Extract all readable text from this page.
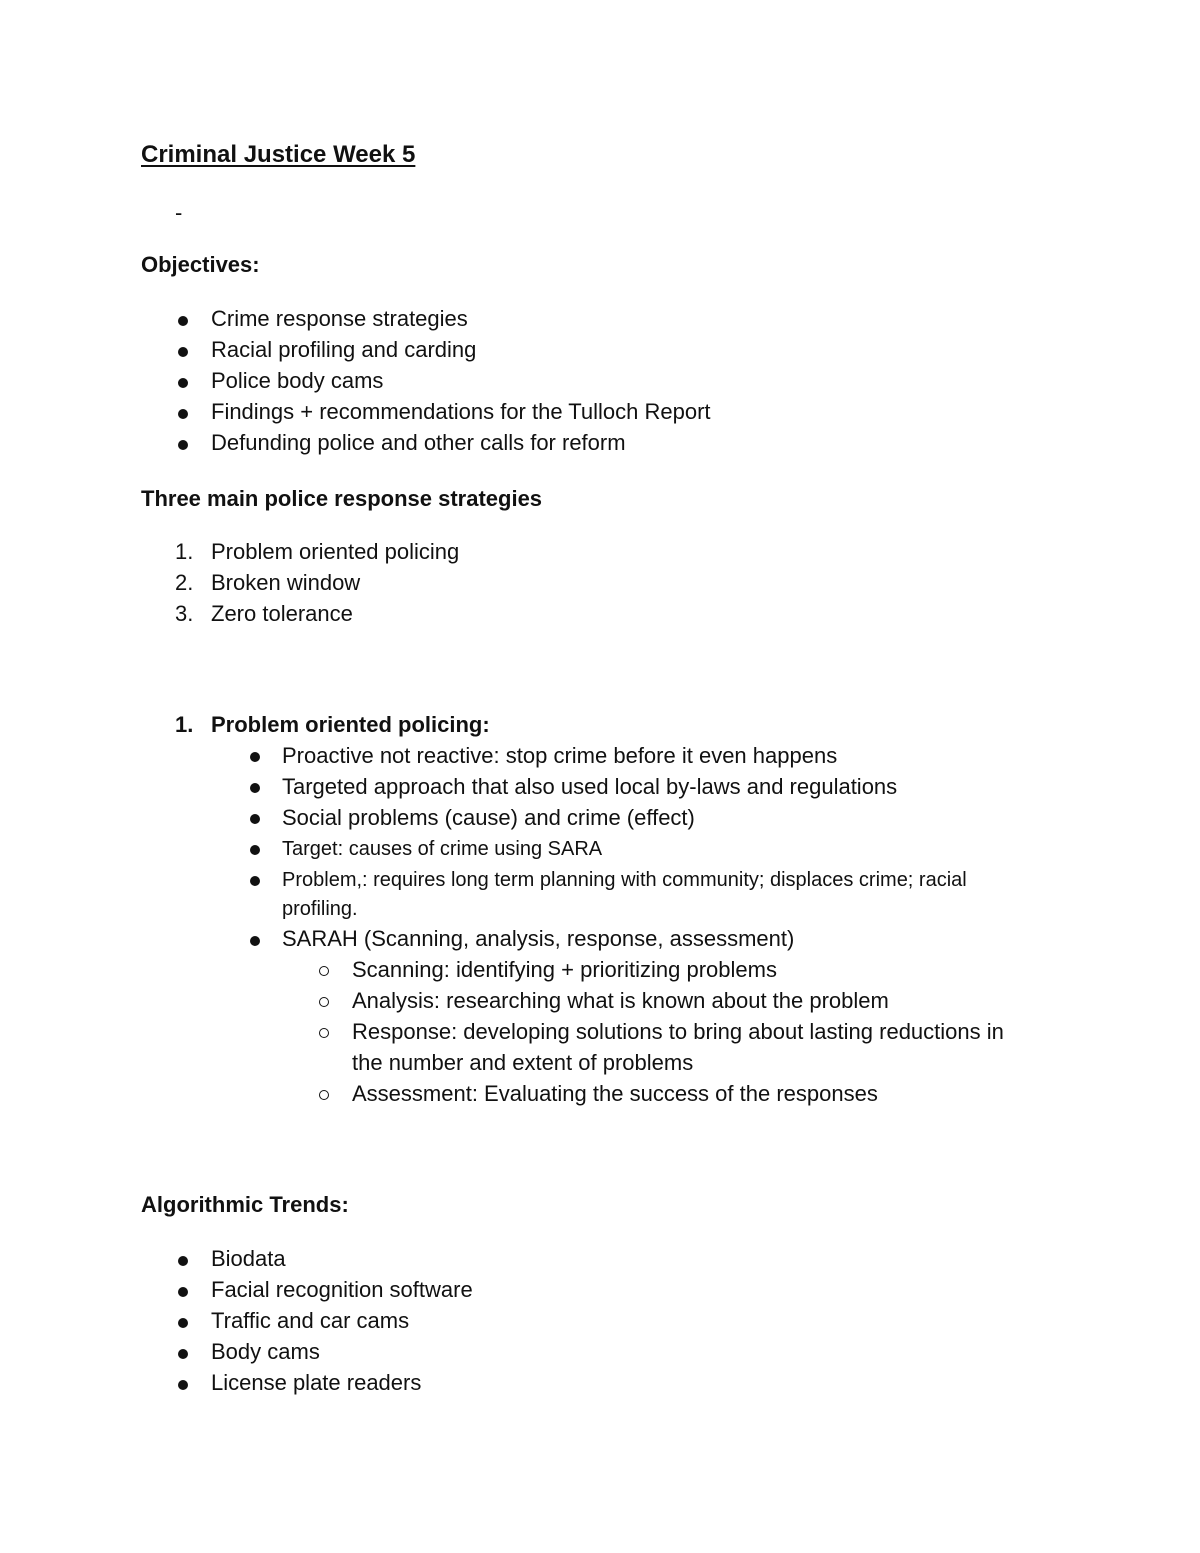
Criminal Justice Week 5
-
Objectives:
Crime response strategies
Racial profiling and carding
Police body cams
Findings + recommendations for the Tulloch Report
Defunding police and other calls for reform
Three main police response strategies
1. Problem oriented policing
2. Broken window
3. Zero tolerance
1. Problem oriented policing:
Proactive not reactive: stop crime before it even happens
Targeted approach that also used local by-laws and regulations
Social problems (cause) and crime (effect)
Target: causes of crime using SARA
Problem,: requires long term planning with community; displaces crime; racial
profiling.
SARAH (Scanning, analysis, response, assessment)
Scanning: identifying + prioritizing problems
Analysis: researching what is known about the problem
Response: developing solutions to bring about lasting reductions in
the number and extent of problems
Assessment: Evaluating the success of the responses
Algorithmic Trends:
Biodata
Facial recognition software
Traffic and car cams
Body cams
License plate readers
